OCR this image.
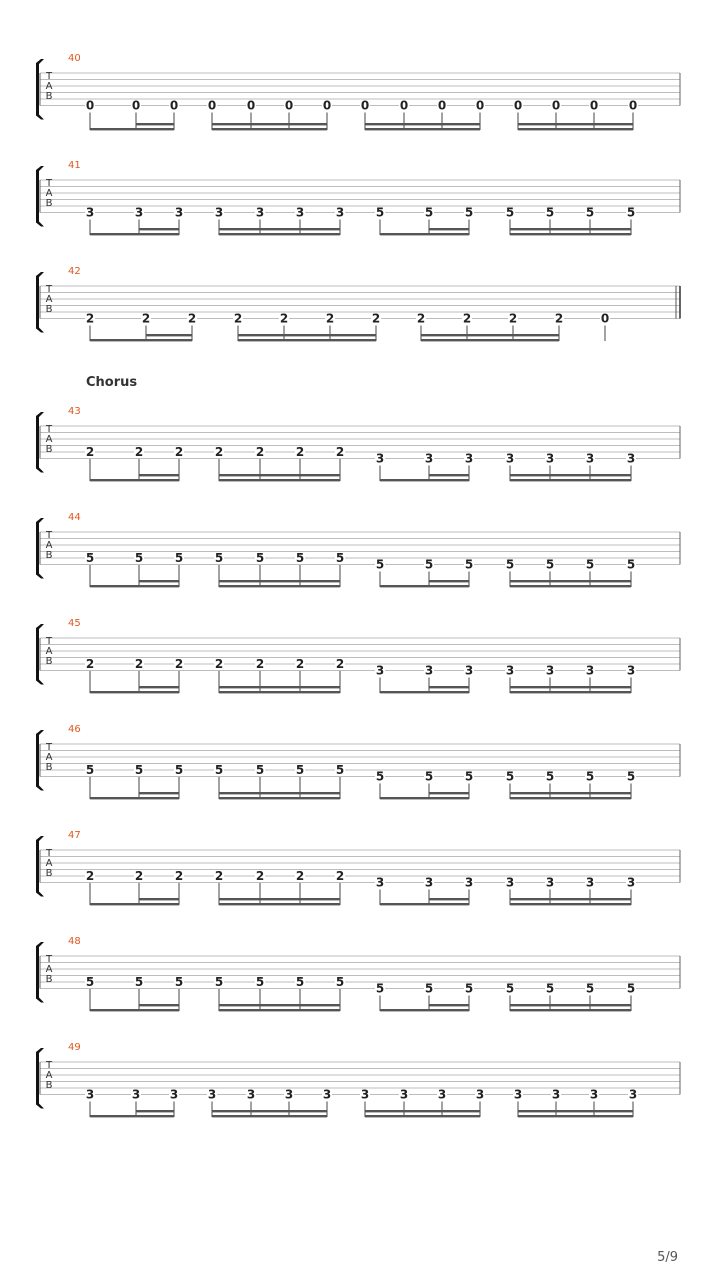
Chorus
T
A
B
40
0	0 0 0	0 0 0 0	0 0 0 0 0 0	0
T
A
B
41
3	3	3	3	3	3	3	5	5	5	5	5	5	5
T
A
B
42
2	2	2	2	2	2	2	2	2	2	2	0
T
A
B
43
2	2	2	2	2	2	2	3	3	3	3	3	3	3
T
A
B
44
5	5	5	5	5	5	5	5	5	5	5	5	5	5
T
A
B
45
2	2	2	2	2	2	2	3	3	3	3	3	3	3
T
A
B
46
5	5	5	5	5	5	5	5	5	5	5	5	5	5
T
A
B
47
2	2	2	2	2	2	2	3	3	3	3	3	3	3
T
A
B
48
5	5	5	5	5	5	5	5	5	5	5	5	5	5
T
A
B
49
3	3 3 3	3 3 3 3	3 3 3 3 3 3	3
5/9
